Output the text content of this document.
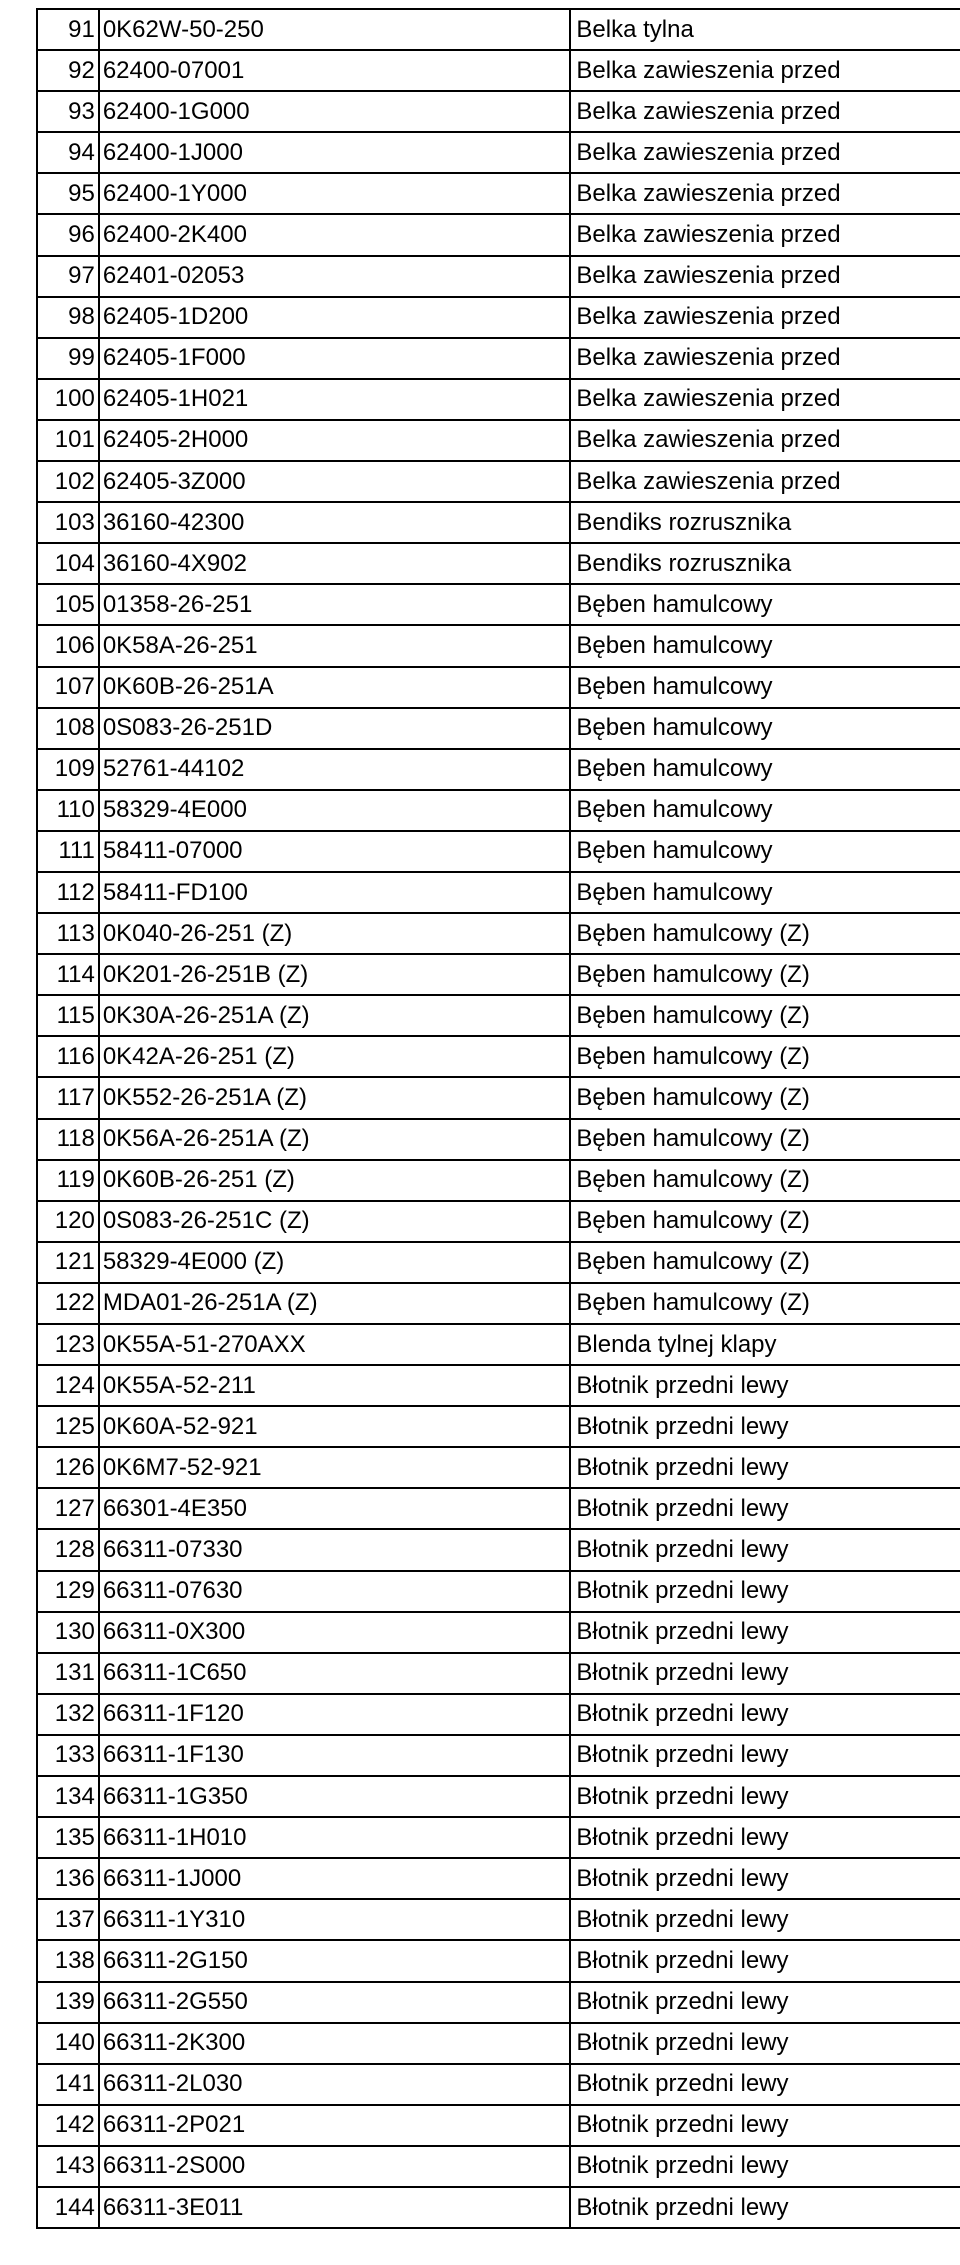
91	0K62W-50-250	Belka tylna
92	62400-07001	Belka zawieszenia przed
93	62400-1G000	Belka zawieszenia przed
94	62400-1J000	Belka zawieszenia przed
95	62400-1Y000	Belka zawieszenia przed
96	62400-2K400	Belka zawieszenia przed
97	62401-02053	Belka zawieszenia przed
98	62405-1D200	Belka zawieszenia przed
99	62405-1F000	Belka zawieszenia przed
100	62405-1H021	Belka zawieszenia przed
101	62405-2H000	Belka zawieszenia przed
102	62405-3Z000	Belka zawieszenia przed
103	36160-42300	Bendiks rozrusznika
104	36160-4X902	Bendiks rozrusznika
105	01358-26-251	Bęben hamulcowy
106	0K58A-26-251	Bęben hamulcowy
107	0K60B-26-251A	Bęben hamulcowy
108	0S083-26-251D	Bęben hamulcowy
109	52761-44102	Bęben hamulcowy
110	58329-4E000	Bęben hamulcowy
111	58411-07000	Bęben hamulcowy
112	58411-FD100	Bęben hamulcowy
113	0K040-26-251 (Z)	Bęben hamulcowy (Z)
114	0K201-26-251B (Z)	Bęben hamulcowy (Z)
115	0K30A-26-251A (Z)	Bęben hamulcowy (Z)
116	0K42A-26-251 (Z)	Bęben hamulcowy (Z)
117	0K552-26-251A (Z)	Bęben hamulcowy (Z)
118	0K56A-26-251A (Z)	Bęben hamulcowy (Z)
119	0K60B-26-251 (Z)	Bęben hamulcowy (Z)
120	0S083-26-251C (Z)	Bęben hamulcowy (Z)
121	58329-4E000 (Z)	Bęben hamulcowy (Z)
122	MDA01-26-251A (Z)	Bęben hamulcowy (Z)
123	0K55A-51-270AXX	Blenda tylnej klapy
124	0K55A-52-211	Błotnik przedni lewy
125	0K60A-52-921	Błotnik przedni lewy
126	0K6M7-52-921	Błotnik przedni lewy
127	66301-4E350	Błotnik przedni lewy
128	66311-07330	Błotnik przedni lewy
129	66311-07630	Błotnik przedni lewy
130	66311-0X300	Błotnik przedni lewy
131	66311-1C650	Błotnik przedni lewy
132	66311-1F120	Błotnik przedni lewy
133	66311-1F130	Błotnik przedni lewy
134	66311-1G350	Błotnik przedni lewy
135	66311-1H010	Błotnik przedni lewy
136	66311-1J000	Błotnik przedni lewy
137	66311-1Y310	Błotnik przedni lewy
138	66311-2G150	Błotnik przedni lewy
139	66311-2G550	Błotnik przedni lewy
140	66311-2K300	Błotnik przedni lewy
141	66311-2L030	Błotnik przedni lewy
142	66311-2P021	Błotnik przedni lewy
143	66311-2S000	Błotnik przedni lewy
144	66311-3E011	Błotnik przedni lewy
